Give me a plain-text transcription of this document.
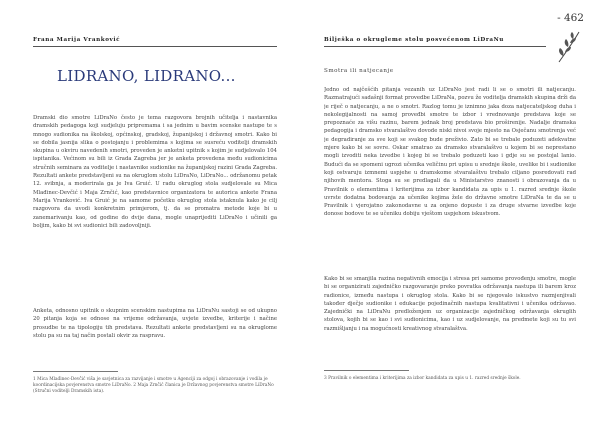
Frana Marija Vranković
LIDRANO, LIDRANO...

Dramski dio smotre LiDraNo često je tema razgovora brojnih učitelja i nastavnika dramskih pedagoga koji sudjeluju pripremama i sa jednim u bavim scenske nastupe te s mnogo sudionika na školskoj, općinskoj, gradskoj, županijskoj i državnoj smotri. Kako bi se dobila jasnija slika o postojanju i problemima s kojima se susreću voditelji dramskih skupina u okviru navedenih smotri, proveden je anketni upitnik s kojim je sudjelovalo 104 ispitanika. Većinom su bili iz Grada Zagreba jer je anketa provedena među sudionicima stručnih seminara za voditelje i nastavnike sudionike na županijskoj razini Grada Zagreba. Rezultati ankete predstavljeni su na okruglom stolu LiDraNo, LiDraNo... održanomu petak 12. svibnja, a moderirala ga je Iva Gruić. U radu okruglog stola sudjelovale su Mica Mlađinec-Devčić i Maja Zrnčić, kao predstavnice organizatora te autorica ankete Frana Marija Vranković. Iva Gruić je na samome početku okruglog stola istaknula kako je cilj razgovora da uvodi konkretnim primjerom, tj. da se promatra metode koje bi u zanemarivanju kao, od godine do dvije dana, mogle unaprijediti LiDraNo i učinili ga boljim, kako bi svi sudionici bili zadovoljniji.

Anketa, odnosno upitnik o skupnim scenskim nastupima na LiDraNu sastoji se od ukupno 20 pitanja koja se odnose na vrijeme održavanja, uvjete izvedbe, kriterije i načine prosudbe te na tipologiju tih predstava. Rezultati ankete predstavljeni su na okruglome stolu pa su na taj način postali okvir za raspravu.

1 Mica Mlađinec-Devčić viša je savjetnica za razvijanje i smotre u Agenciji za odgoj i obrazovanje i vodila je koordinacijska povjerenstva smotre LiDraNo. 2 Maja Zrnčić članica je Državnog povjerenstva smotre LiDraNo (Stručni voditelji Dramskih ista).
- 462
Bilješka o okrugleme stolu posvećenom LiDraNu
Smotra ili natjecanje

Jedno od najčešćih pitanja vezanih uz LiDraNo jest radi li se o smotri ili natjecanju. Razmatrajući sadašnji format provedbe LiDraNa, pozvu že voditelja dramskih skupina drži da je riječ o natjecanju, a ne o smotri. Razlog tomu je iznimno jaka doza natjecateljskog duha i nekolegijalnosti na samoj proveđbi smotre te izbor i vrednovanje predstava koje se prepoznaće za višu razinu, barem jednak broj predstava bio proširenije. Nadalje dramska pedagogija i dramsko stvaralaštvo dovode niski nivoi svoje mjesto na Osječanu smotrenja već je degradiranje za sve koji se svakog bude preživio. Zato bi se trebale poduzeti adekvatne mjere kako bi se sovre. Oskar smatrao za dramsko stvaralaštvo u kojem bi se neprestano mogli izvoditi neka izvedbe i kojeg bi se trebalo poduzeti kao i gdje su se postojal lanio. Budući da se spomeni ugrozi učenika veličinu pri upisu u srednje škole, uvelike bi i sudionike koji ostvaruju izmnemi uspjehe u dramskome stvaralaštvu trebalo ciljano posredovati rad njihovih mentora. Stoga su se predlagali da u Ministarstvo znanosti i obrazovanja da u Pravilnik o elementima i kriterijima za izbor kandidata za upis u 1. razred srednje škole uvrste dodatna bodovanja za učenike kojima žele do državne smotre LiDraNa te da se u Pravilnik i vjerojatno zakonodavne u za onjeno dopuste i za druge stvarne izvedbe koje donose bodove te se učeniku dobiju vještom uspjehom iskustvom.

Kako bi se smanjila razina negativnih emocija i stresa pri samome provođenju smotre, mogle bi se organizirati zajedničko razgovaranje preko povratka održavanja nastupa ili barem kroz radionice, između nastupa i okruglog stola. Kako bi se njegovalo iskustvo razmjenjivali također dječje sudionike i edukacije pojedinačnih nastupa kvalitativni i učenika održavao. Zajednički na LiDraNu predloženjem uz organizacije zajedničkog održavanja okruglih stolova, kojih bi se kao i svi sudionicima, kao i uz sudjelovanje, na predmete koji su tu svi razmišljanju i na mogućnosti kreativnog stvaralaštva.

3 Pravilnik o elementima i kriterijima za izbor kandidata za upis u 1. razred srednje škole.
